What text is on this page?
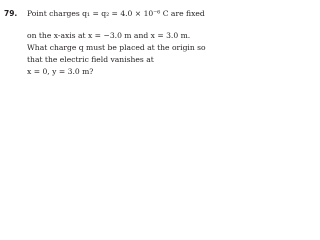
79. Point charges q₁ = q₂ = 4.0 × 10⁻⁶ C are fixed
on the x-axis at x = −3.0 m and x = 3.0 m.
What charge q must be placed at the origin so
that the electric field vanishes at
x = 0, y = 3.0 m?
